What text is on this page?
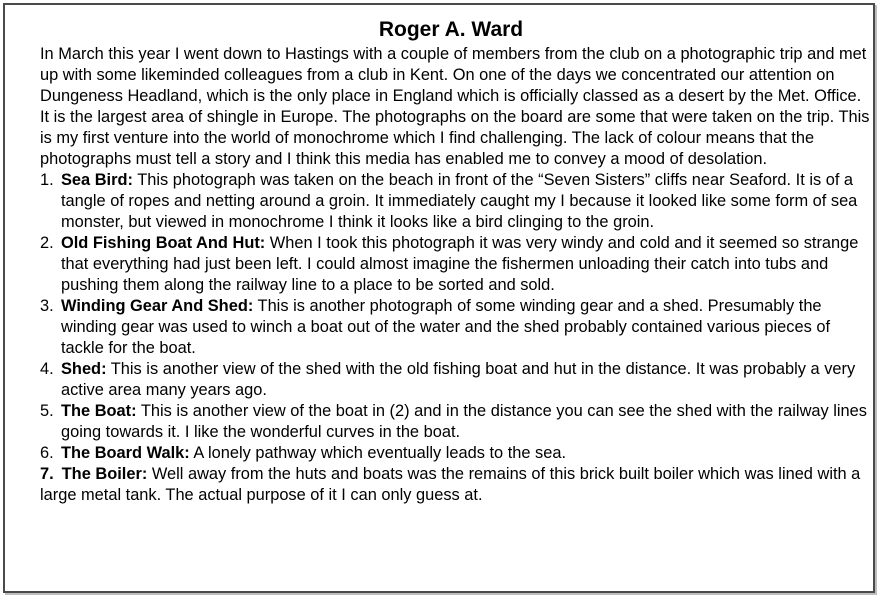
Roger A. Ward

In March this year I went down to Hastings with a couple of members from the club on a photographic trip and met up with some likeminded colleagues from a club in Kent. On one of the days we concentrated our attention on Dungeness Headland, which is the only place in England which is officially classed as a desert by the Met. Office. It is the largest area of shingle in Europe. The photographs on the board are some that were taken on the trip. This is my first venture into the world of monochrome which I find challenging. The lack of colour means that the photographs must tell a story and I think this media has enabled me to convey a mood of desolation.

1. Sea Bird: This photograph was taken on the beach in front of the “Seven Sisters” cliffs near Seaford. It is of a tangle of ropes and netting around a groin. It immediately caught my I because it looked like some form of sea monster, but viewed in monochrome I think it looks like a bird clinging to the groin.
2. Old Fishing Boat And Hut: When I took this photograph it was very windy and cold and it seemed so strange that everything had just been left. I could almost imagine the fishermen unloading their catch into tubs and pushing them along the railway line to a place to be sorted and sold.
3. Winding Gear And Shed: This is another photograph of some winding gear and a shed. Presumably the winding gear was used to winch a boat out of the water and the shed probably contained various pieces of tackle for the boat.
4. Shed: This is another view of the shed with the old fishing boat and hut in the distance. It was probably a very active area many years ago.
5. The Boat: This is another view of the boat in (2) and in the distance you can see the shed with the railway lines going towards it. I like the wonderful curves in the boat.
6. The Board Walk: A lonely pathway which eventually leads to the sea.
7. The Boiler: Well away from the huts and boats was the remains of this brick built boiler which was lined with a large metal tank. The actual purpose of it I can only guess at.
